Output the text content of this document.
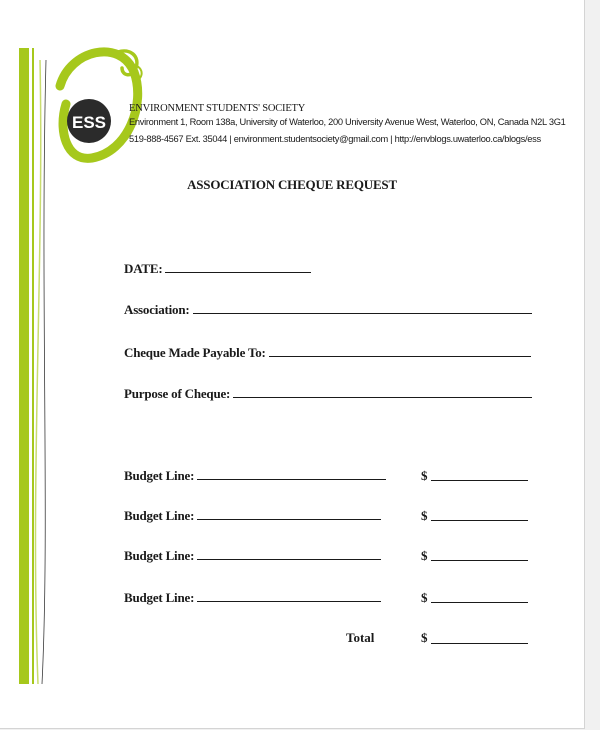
ESS
ENVIRONMENT STUDENTS' SOCIETY
Environment 1, Room 138a, University of Waterloo, 200 University Avenue West, Waterloo, ON, Canada N2L 3G1
519-888-4567 Ext. 35044 | environment.studentsociety@gmail.com | http://envblogs.uwaterloo.ca/blogs/ess
ASSOCIATION CHEQUE REQUEST
DATE:
Association:
Cheque Made Payable To:
Purpose of Cheque:
Budget Line:	$
Budget Line:	$
Budget Line:	$
Budget Line:	$
Total	$
